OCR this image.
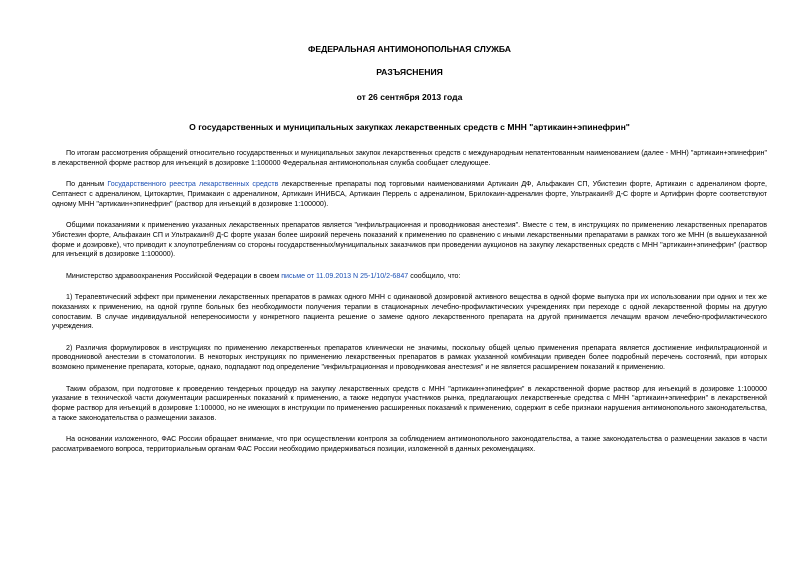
ФЕДЕРАЛЬНАЯ АНТИМОНОПОЛЬНАЯ СЛУЖБА
РАЗЪЯСНЕНИЯ
от 26 сентября 2013 года
О государственных и муниципальных закупках лекарственных средств с МНН "артикаин+эпинефрин"

По итогам рассмотрения обращений относительно государственных и муниципальных закупок лекарственных средств с международным непатентованным наименованием (далее - МНН) "артикаин+эпинефрин" в лекарственной форме раствор для инъекций в дозировке 1:100000 Федеральная антимонопольная служба сообщает следующее.

По данным Государственного реестра лекарственных средств лекарственные препараты под торговыми наименованиями Артикаин ДФ, Альфакаин СП, Убистезин форте, Артикаин с адреналином форте, Септанест с адреналином, Цитокартин, Примакаин с адреналином, Артикаин ИНИБСА, Артикаин Перрель с адреналином, Брилокаин-адреналин форте, Ультракаин® Д-С форте и Артифрин форте соответствуют одному МНН "артикаин+эпинефрин" (раствор для инъекций в дозировке 1:100000).

Общими показаниями к применению указанных лекарственных препаратов является "инфильтрационная и проводниковая анестезия". Вместе с тем, в инструкциях по применению лекарственных препаратов Убистезин форте, Альфакаин СП и Ультракаин® Д-С форте указан более широкий перечень показаний к применению по сравнению с иными лекарственными препаратами в рамках того же МНН (в вышеуказанной форме и дозировке), что приводит к злоупотреблениям со стороны государственных/муниципальных заказчиков при проведении аукционов на закупку лекарственных средств с МНН "артикаин+эпинефрин" (раствор для инъекций в дозировке 1:100000).

Министерство здравоохранения Российской Федерации в своем письме от 11.09.2013 N 25-1/10/2-6847 сообщило, что:

1) Терапевтический эффект при применении лекарственных препаратов в рамках одного МНН с одинаковой дозировкой активного вещества в одной форме выпуска при их использовании при одних и тех же показаниях к применению, на одной группе больных без необходимости получения терапии в стационарных лечебно-профилактических учреждениях при переходе с одной лекарственной формы на другую сопоставим. В случае индивидуальной непереносимости у конкретного пациента решение о замене одного лекарственного препарата на другой принимается лечащим врачом лечебно-профилактического учреждения.

2) Различия формулировок в инструкциях по применению лекарственных препаратов клинически не значимы, поскольку общей целью применения препарата является достижение инфильтрационной и проводниковой анестезии в стоматологии. В некоторых инструкциях по применению лекарственных препаратов в рамках указанной комбинации приведен более подробный перечень состояний, при которых возможно применение препарата, которые, однако, подпадают под определение "инфильтрационная и проводниковая анестезия" и не является расширением показаний к применению.

Таким образом, при подготовке к проведению тендерных процедур на закупку лекарственных средств с МНН "артикаин+эпинефрин" в лекарственной форме раствор для инъекций в дозировке 1:100000 указание в технической части документации расширенных показаний к применению, а также недопуск участников рынка, предлагающих лекарственные средства с МНН "артикаин+эпинефрин" в лекарственной форме раствор для инъекций в дозировке 1:100000, но не имеющих в инструкции по применению расширенных показаний к применению, содержит в себе признаки нарушения антимонопольного законодательства, а также законодательства о размещении заказов.

На основании изложенного, ФАС России обращает внимание, что при осуществлении контроля за соблюдением антимонопольного законодательства, а также законодательства о размещении заказов в части рассматриваемого вопроса, территориальным органам ФАС России необходимо придерживаться позиции, изложенной в данных рекомендациях.
